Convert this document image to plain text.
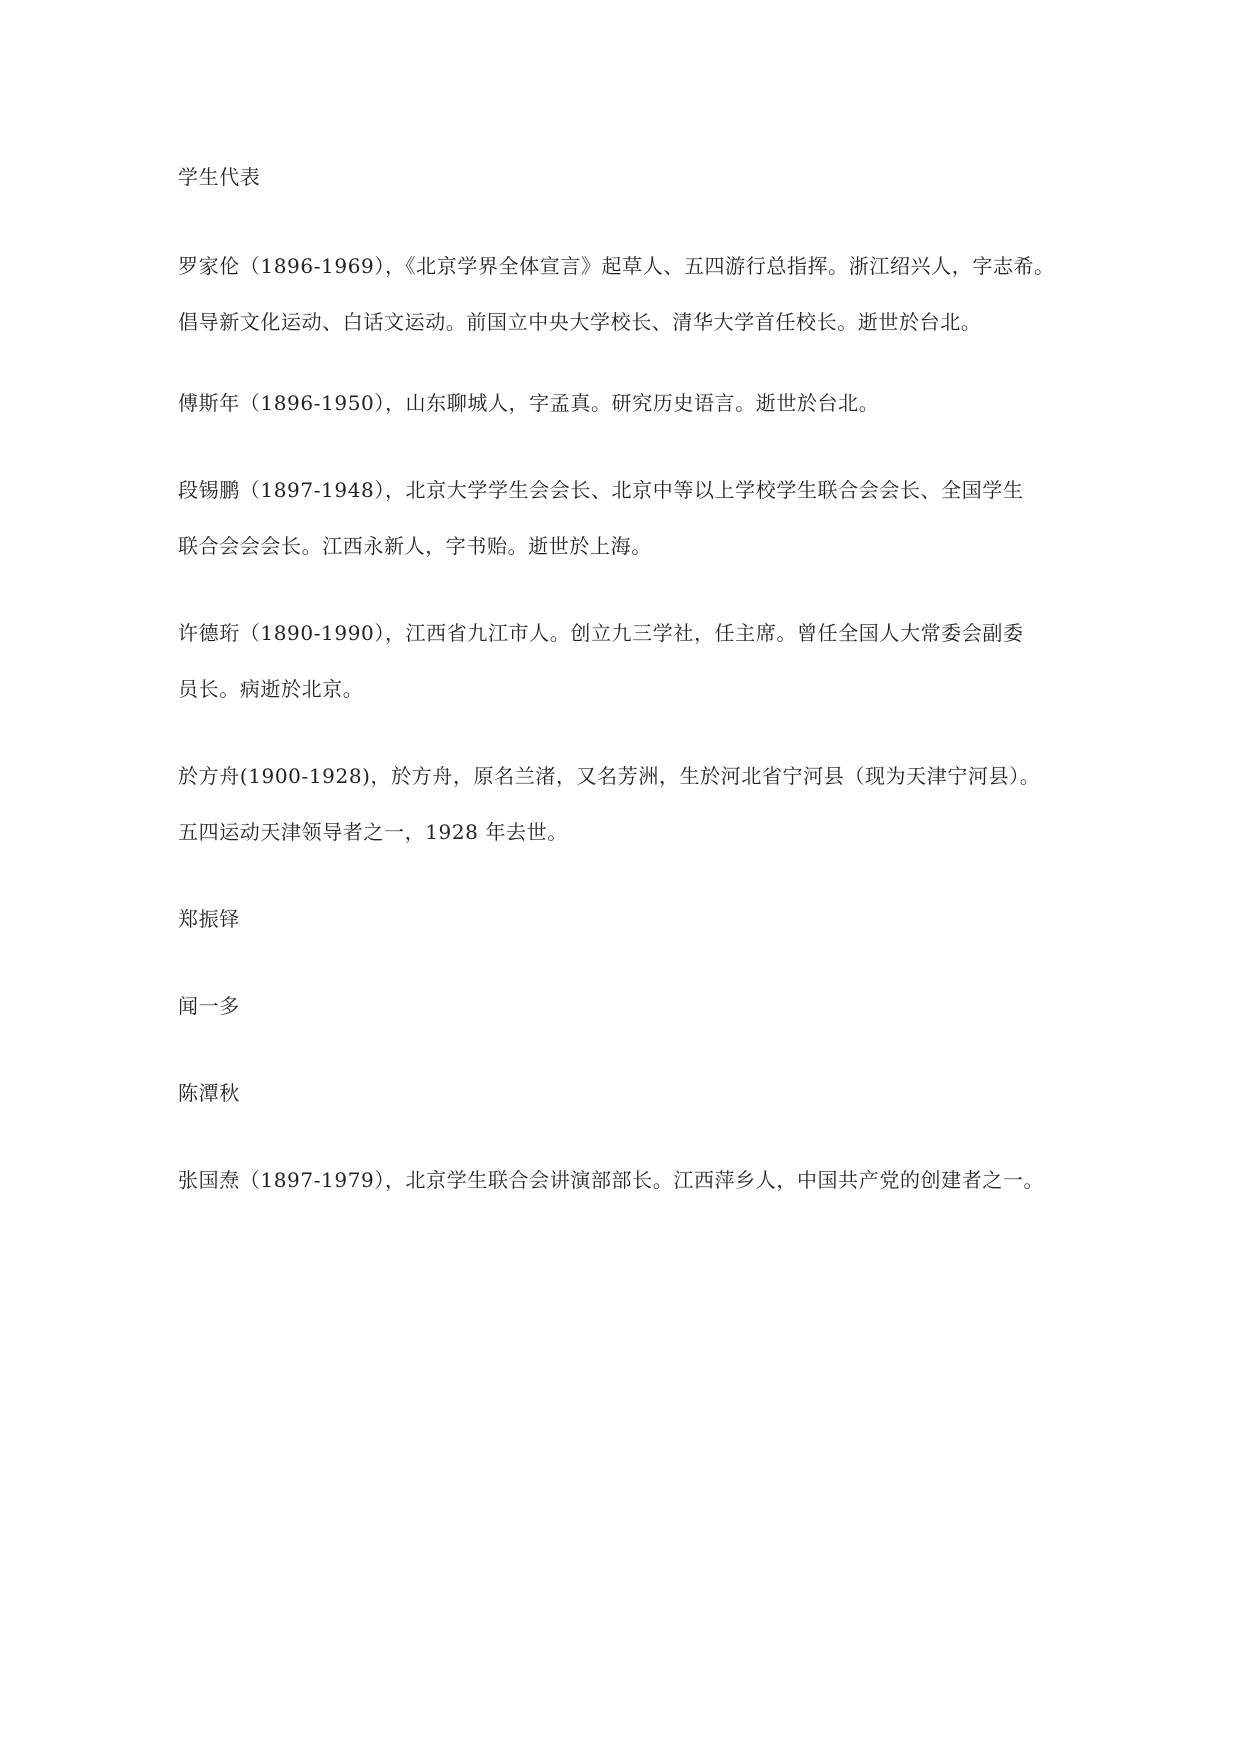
学生代表
罗家伦（1896-1969），《北京学界全体宣言》起草人、五四游行总指挥。浙江绍兴人，字志希。
倡导新文化运动、白话文运动。前国立中央大学校长、清华大学首任校长。逝世於台北。
傅斯年（1896-1950），山东聊城人，字孟真。研究历史语言。逝世於台北。
段锡鹏（1897-1948），北京大学学生会会长、北京中等以上学校学生联合会会长、全国学生
联合会会会长。江西永新人，字书贻。逝世於上海。
许德珩（1890-1990），江西省九江市人。创立九三学社，任主席。曾任全国人大常委会副委
员长。病逝於北京。
於方舟(1900-1928)，於方舟，原名兰渚，又名芳洲，生於河北省宁河县（现为天津宁河县）。
五四运动天津领导者之一，1928 年去世。
郑振铎
闻一多
陈潭秋
张国焘（1897-1979），北京学生联合会讲演部部长。江西萍乡人，中国共产党的创建者之一。
